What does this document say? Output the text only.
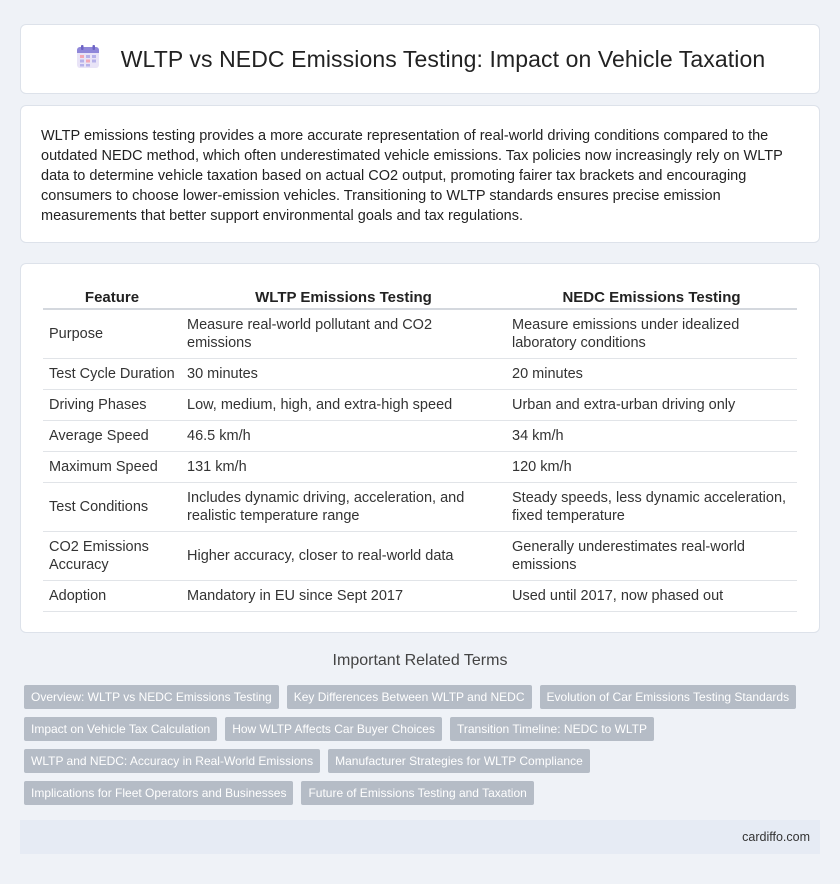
WLTP vs NEDC Emissions Testing: Impact on Vehicle Taxation

WLTP emissions testing provides a more accurate representation of real-world driving conditions compared to the outdated NEDC method, which often underestimated vehicle emissions. Tax policies now increasingly rely on WLTP data to determine vehicle taxation based on actual CO2 output, promoting fairer tax brackets and encouraging consumers to choose lower-emission vehicles. Transitioning to WLTP standards ensures precise emission measurements that better support environmental goals and tax regulations.

Feature	WLTP Emissions Testing	NEDC Emissions Testing
Purpose	Measure real-world pollutant and CO2 emissions	Measure emissions under idealized laboratory conditions
Test Cycle Duration	30 minutes	20 minutes
Driving Phases	Low, medium, high, and extra-high speed	Urban and extra-urban driving only
Average Speed	46.5 km/h	34 km/h
Maximum Speed	131 km/h	120 km/h
Test Conditions	Includes dynamic driving, acceleration, and realistic temperature range	Steady speeds, less dynamic acceleration, fixed temperature
CO2 Emissions Accuracy	Higher accuracy, closer to real-world data	Generally underestimates real-world emissions
Adoption	Mandatory in EU since Sept 2017	Used until 2017, now phased out
Important Related Terms
Overview: WLTP vs NEDC Emissions Testing	Key Differences Between WLTP and NEDC	Evolution of Car Emissions Testing Standards
Impact on Vehicle Tax Calculation	How WLTP Affects Car Buyer Choices	Transition Timeline: NEDC to WLTP
WLTP and NEDC: Accuracy in Real-World Emissions	Manufacturer Strategies for WLTP Compliance
Implications for Fleet Operators and Businesses	Future of Emissions Testing and Taxation
cardiffo.com
